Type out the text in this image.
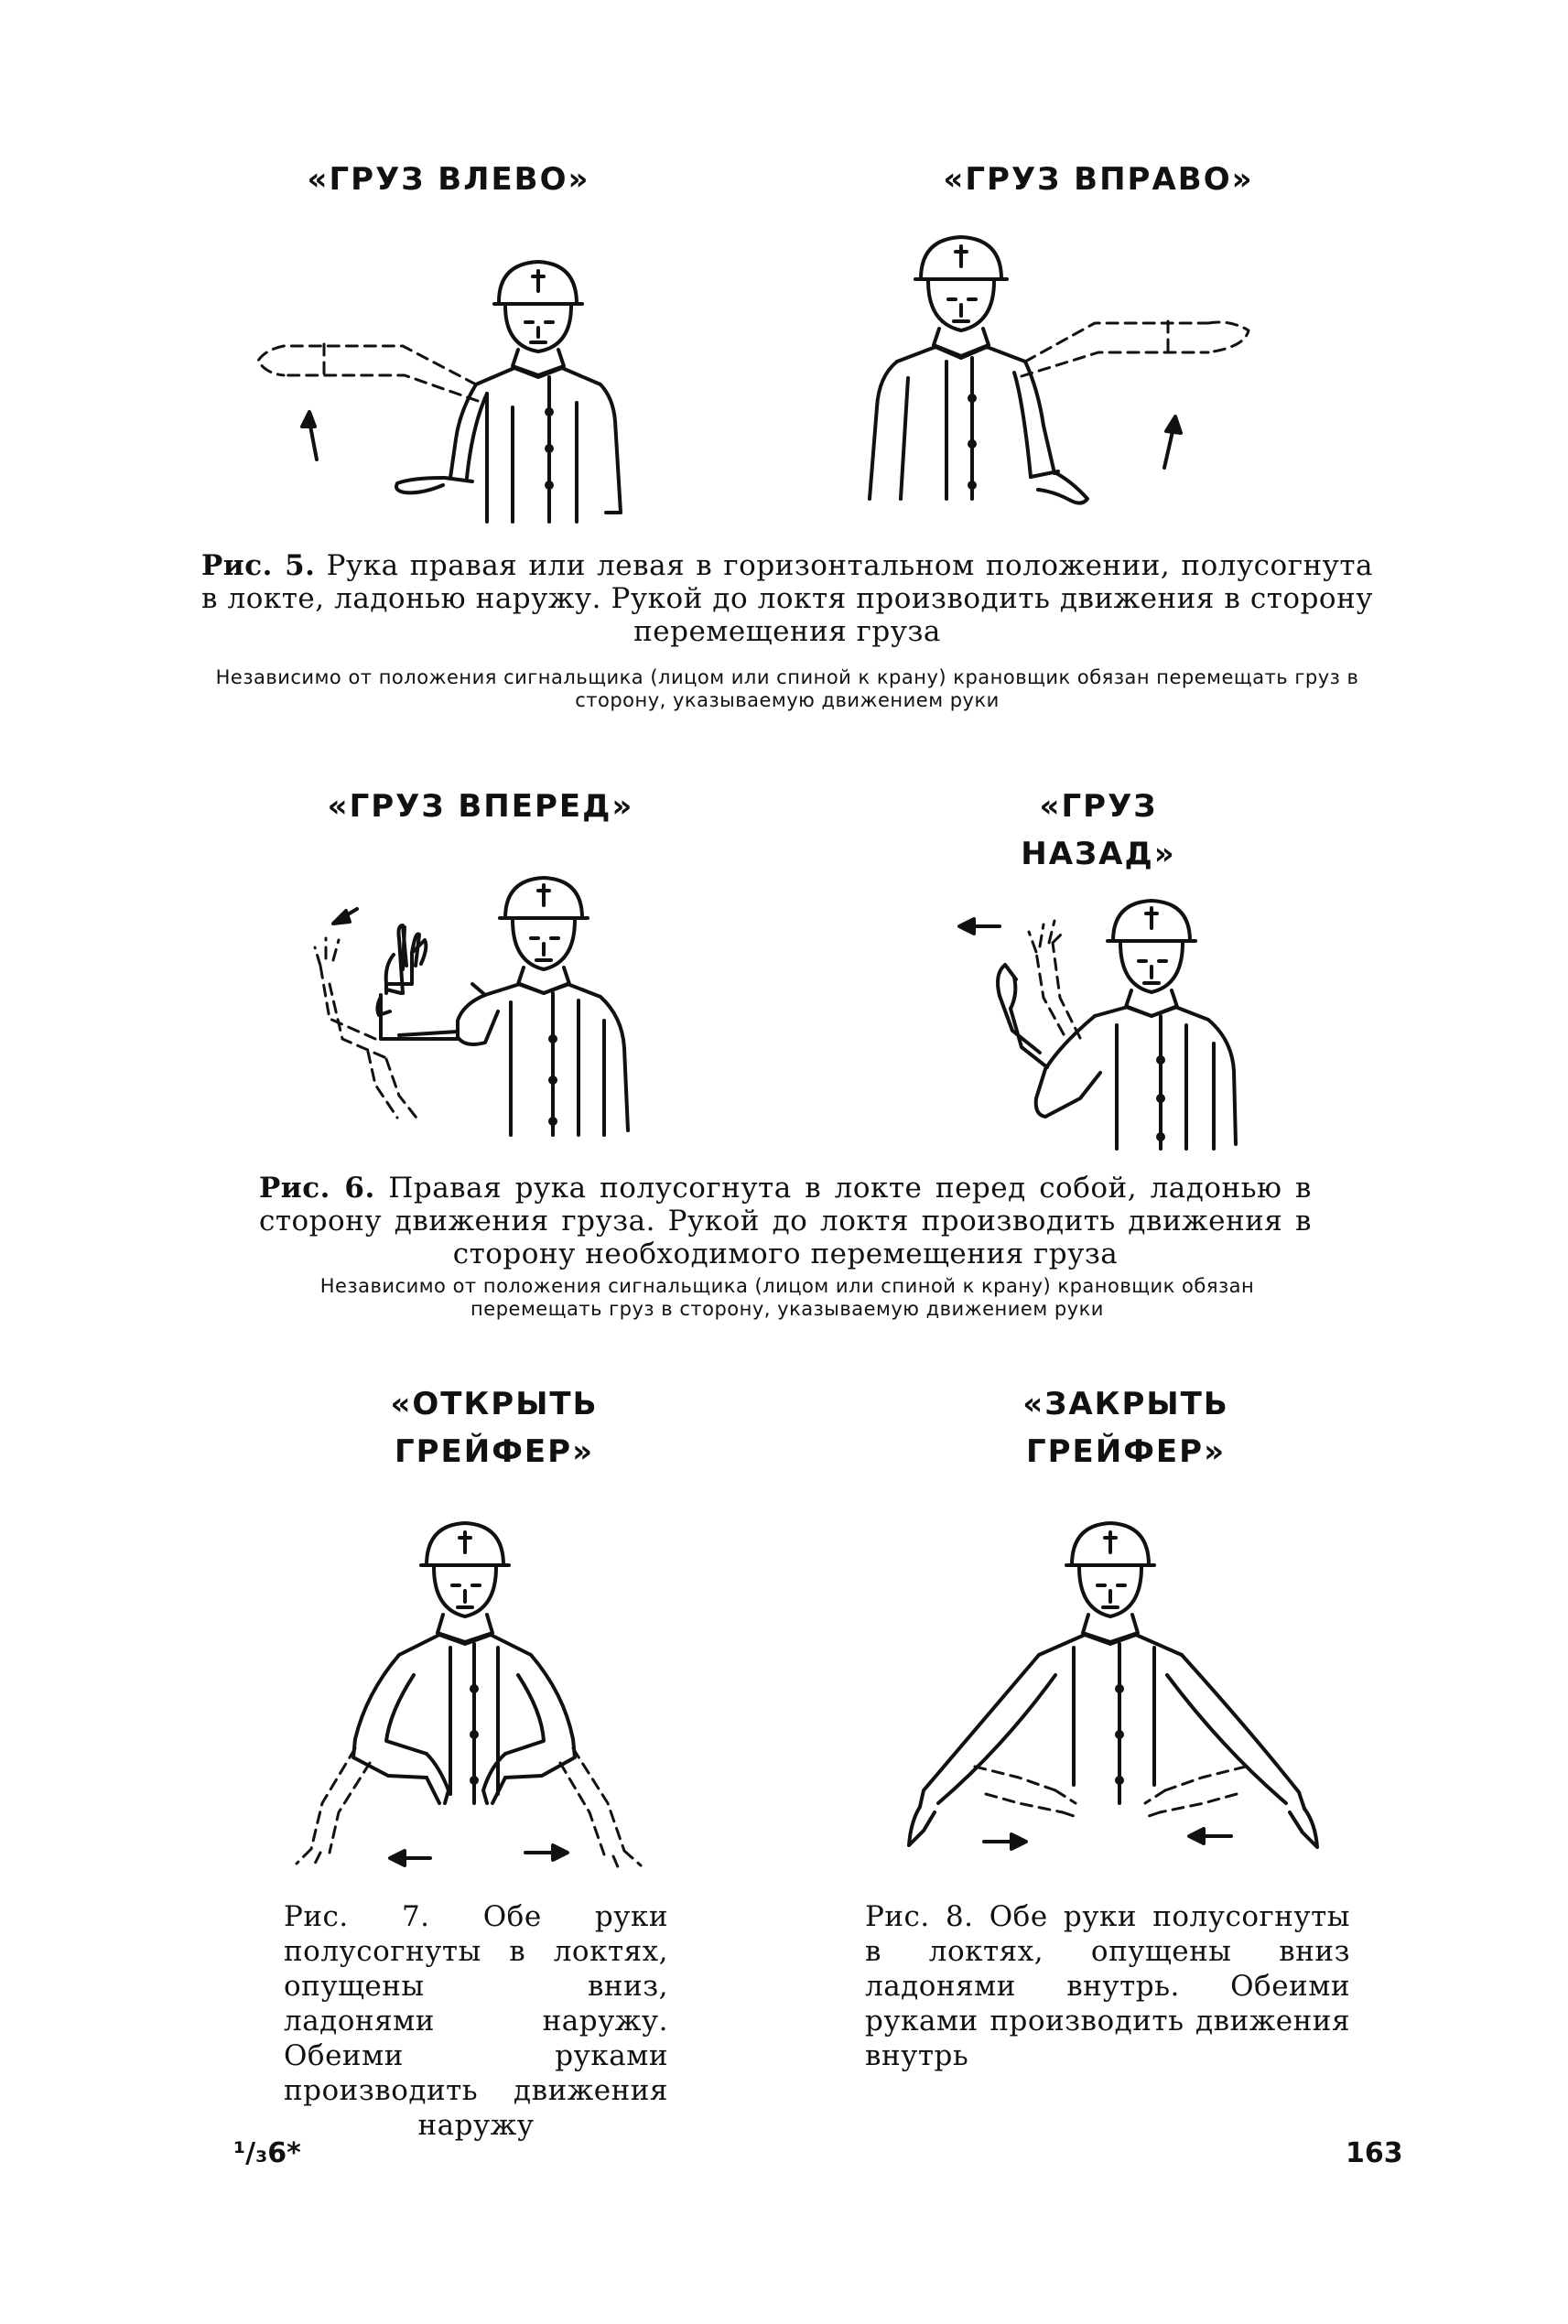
«ГРУЗ ВЛЕВО»	«ГРУЗ ВПРАВО»
Рис. 5. Рука правая или левая в горизонтальном положении, полусогнута в локте, ладонью наружу. Рукой до локтя производить движения в сторону перемещения груза
Независимо от положения сигнальщика (лицом или спиной к крану) крановщик обязан перемещать груз в сторону, указываемую движением руки
«ГРУЗ ВПЕРЕД»	«ГРУЗ НАЗАД»
Рис. 6. Правая рука полусогнута в локте перед собой, ладонью в сторону движения груза. Рукой до локтя производить движения в сторону необходимого перемещения груза
Независимо от положения сигнальщика (лицом или спиной к крану) крановщик обязан перемещать груз в сторону, указываемую движением руки
«ОТКРЫТЬ
ГРЕЙФЕР»
«ЗАКРЫТЬ
ГРЕЙФЕР»
Рис. 7. Обе руки полусогнуты в локтях, опущены вниз, ладонями наружу. Обеими руками производить движения наружу
Рис. 8. Обе руки полусогнуты в локтях, опущены вниз ладонями внутрь. Обеими руками производить движения внутрь
¹/₃6*	163
